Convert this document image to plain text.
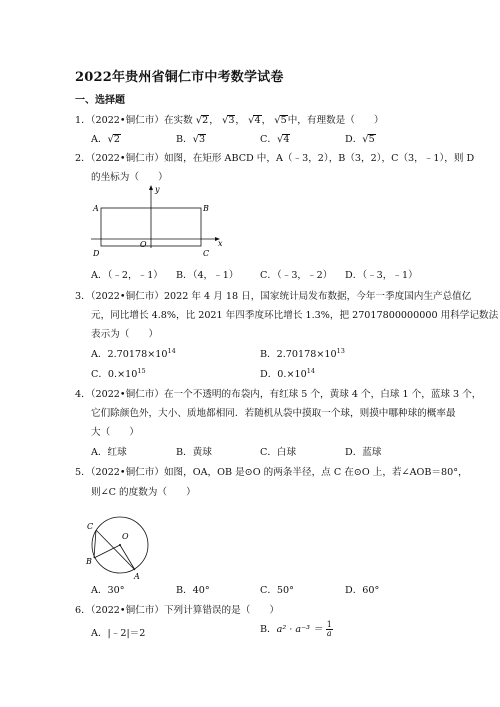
2022年贵州省铜仁市中考数学试卷
一、选择题
1．（2022•铜仁市）在实数 √2， √3， √4， √5中，有理数是（　　）
A．√2	B．√3	C．√4	D．√5
2．（2022•铜仁市）如图，在矩形 ABCD 中，A（﹣3，2），B（3，2），C（3，﹣1），则 D
的坐标为（　　）
y
x
A	B
C
D
O
A．（﹣2，﹣1） B．（4，﹣1） C．（﹣3，﹣2） D．（﹣3，﹣1）
3．（2022•铜仁市）2022 年 4 月 18 日，国家统计局发布数据，今年一季度国内生产总值亿
元，同比增长 4.8%，比 2021 年四季度环比增长 1.3%，把 27017800000000 用科学记数法
表示为（　　）
A．$2.70178\times 10^{14}$	B．$2.70178\times 10^{13}$
C．$0.\times 10^{15}$	D．$0.\times 10^{14}$
4．（2022•铜仁市）在一个不透明的布袋内，有红球 5 个，黄球 4 个，白球 1 个，蓝球 3 个，
它们除颜色外，大小、质地都相同．若随机从袋中摸取一个球，则摸中哪种球的概率最
大（　　）
A．红球	B．黄球	C．白球	D．蓝球
5．（2022•铜仁市）如图，OA，OB 是⊙O 的两条半径，点 C 在⊙O 上，若∠AOB＝80°，
则∠C 的度数为（　　）
C
O
B
A
A．30°	B．40°	C．50°	D．60°
6．（2022•铜仁市）下列计算错误的是（　　）
A．|﹣2|＝2	B．$a^2 \cdot a^{-3} = \frac{1}{a}$
